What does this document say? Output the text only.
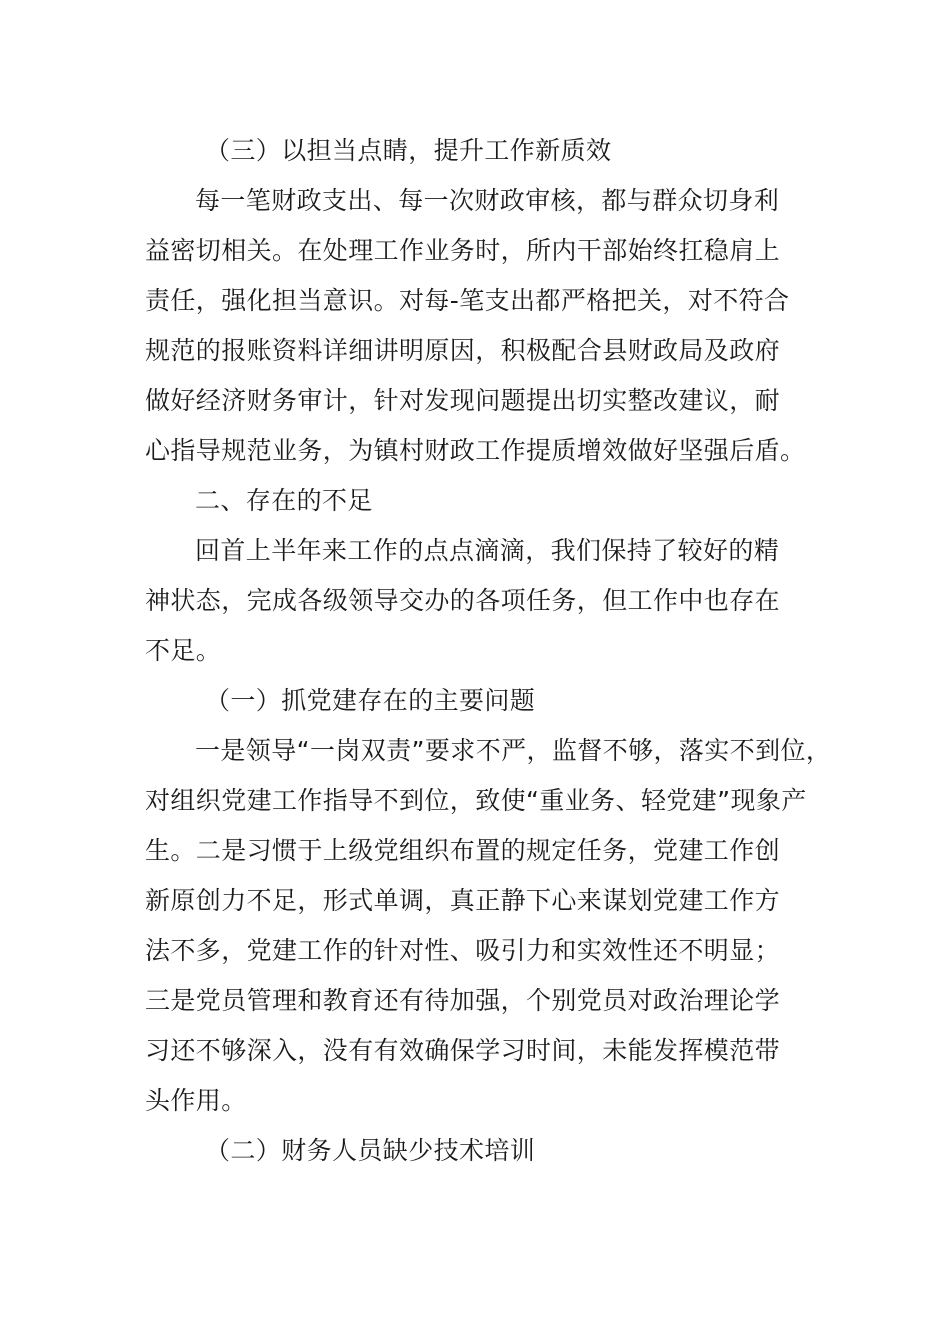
（三）以担当点睛，提升工作新质效
每一笔财政支出、每一次财政审核，都与群众切身利
益密切相关。在处理工作业务时，所内干部始终扛稳肩上
责任，强化担当意识。对每-笔支出都严格把关，对不符合
规范的报账资料详细讲明原因，积极配合县财政局及政府
做好经济财务审计，针对发现问题提出切实整改建议，耐
心指导规范业务，为镇村财政工作提质增效做好坚强后盾。
二、存在的不足
回首上半年来工作的点点滴滴，我们保持了较好的精
神状态，完成各级领导交办的各项任务，但工作中也存在
不足。
（一）抓党建存在的主要问题
一是领导“一岗双责”要求不严，监督不够，落实不到位，
对组织党建工作指导不到位，致使“重业务、轻党建”现象产
生。二是习惯于上级党组织布置的规定任务，党建工作创
新原创力不足，形式单调，真正静下心来谋划党建工作方
法不多，党建工作的针对性、吸引力和实效性还不明显；
三是党员管理和教育还有待加强，个别党员对政治理论学
习还不够深入，没有有效确保学习时间，未能发挥模范带
头作用。
（二）财务人员缺少技术培训
